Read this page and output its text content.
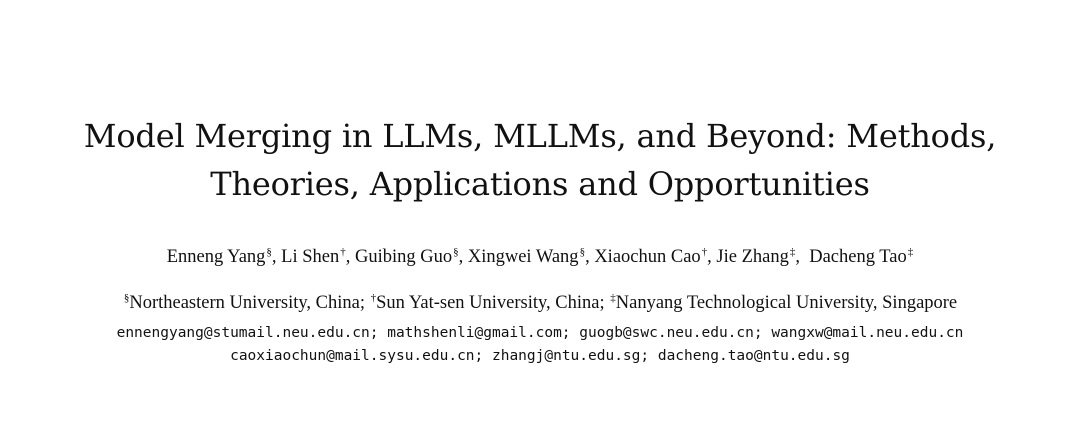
Model Merging in LLMs, MLLMs, and Beyond: Methods,
Theories, Applications and Opportunities
Enneng Yang§, Li Shen†, Guibing Guo§, Xingwei Wang§, Xiaochun Cao†, Jie Zhang‡,  Dacheng Tao‡
§Northeastern University, China; †Sun Yat-sen University, China; ‡Nanyang Technological University, Singapore
ennengyang@stumail.neu.edu.cn; mathshenli@gmail.com; guogb@swc.neu.edu.cn; wangxw@mail.neu.edu.cn
caoxiaochun@mail.sysu.edu.cn; zhangj@ntu.edu.sg; dacheng.tao@ntu.edu.sg
